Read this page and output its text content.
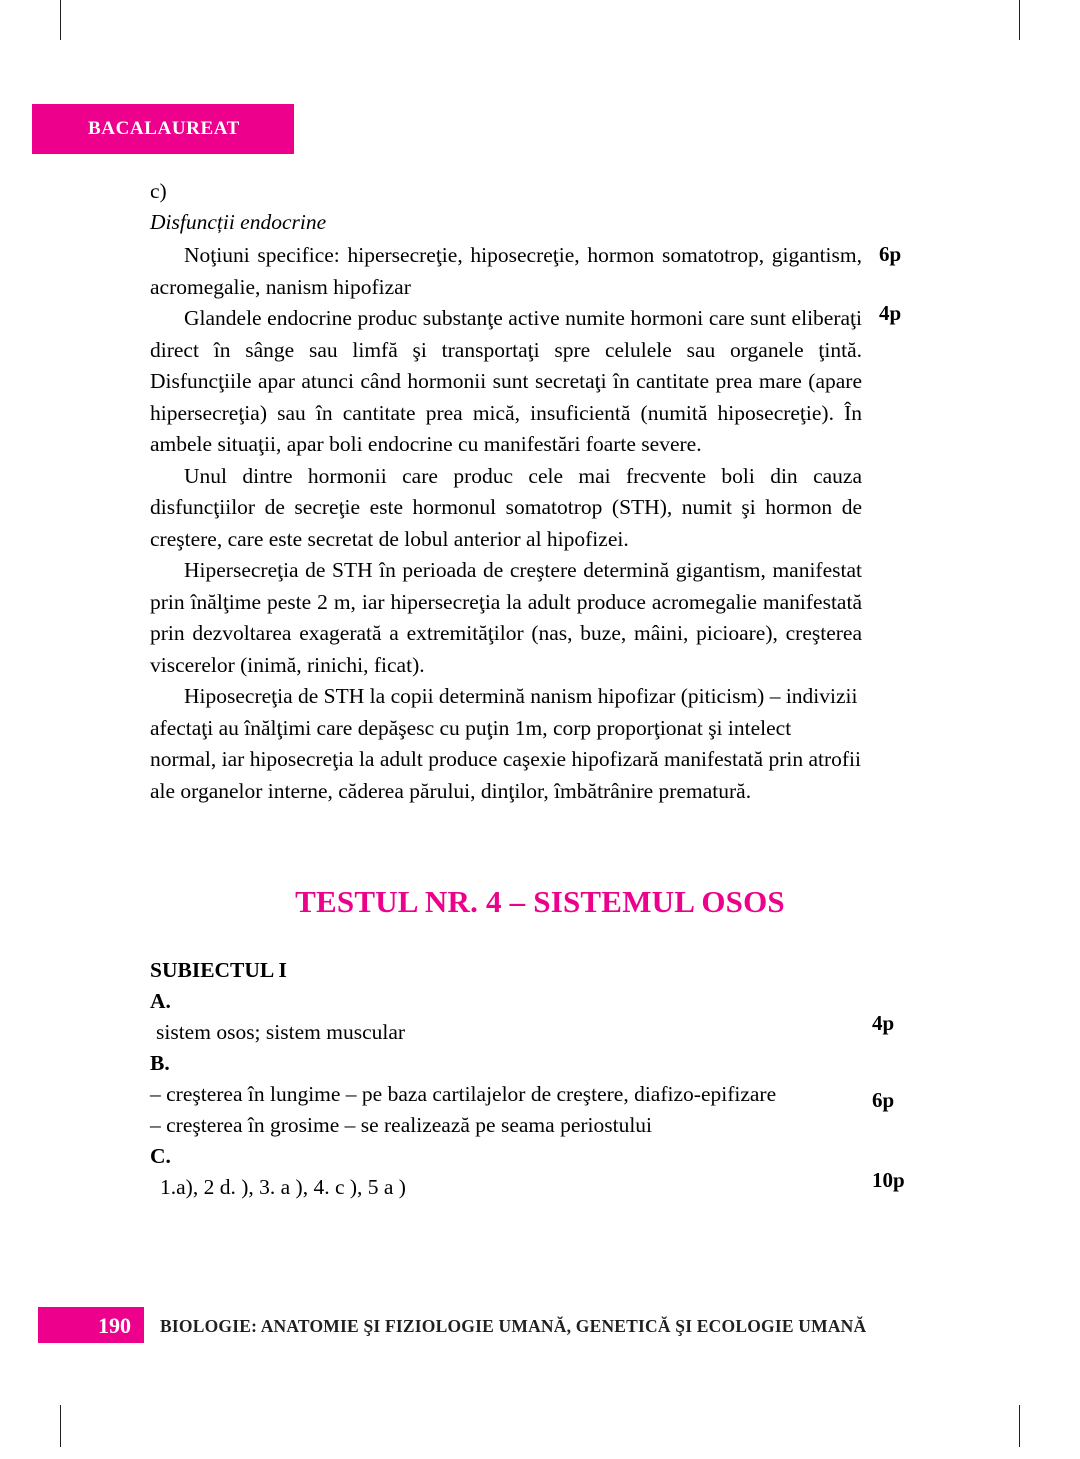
BACALAUREAT
c)
Disfuncții endocrine

Noţiuni specifice: hipersecreţie, hiposecreţie, hormon somatotrop, gigantism, acromegalie, nanism hipofizar

Glandele endocrine produc substanţe active numite hormoni care sunt eliberaţi direct în sânge sau limfă şi transportaţi spre celulele sau organele ţintă. Disfuncţiile apar atunci când hormonii sunt secretaţi în cantitate prea mare (apare hipersecreţia) sau în cantitate prea mică, insuficientă (numită hiposecreţie). În ambele situaţii, apar boli endocrine cu manifestări foarte severe.

Unul dintre hormonii care produc cele mai frecvente boli din cauza disfuncţiilor de secreţie este hormonul somatotrop (STH), numit şi hormon de creştere, care este secretat de lobul anterior al hipofizei.

Hipersecreţia de STH în perioada de creştere determină gigantism, manifestat prin înălţime peste 2 m, iar hipersecreţia la adult produce acromegalie manifestată prin dezvoltarea exagerată a extremităţilor (nas, buze, mâini, picioare), creşterea viscerelor (inimă, rinichi, ficat).

Hiposecreţia de STH la copii determină nanism hipofizar (piticism) – indivizii afectaţi au înălţimi care depăşesc cu puţin 1m, corp proporţionat şi intelect normal, iar hiposecreţia la adult produce caşexie hipofizară manifestată prin atrofii ale organelor interne, căderea părului, dinţilor, îmbătrânire prematură.

6p
4p
TESTUL NR. 4 – SISTEMUL OSOS

SUBIECTUL I

A.

sistem osos; sistem muscular

B.

– creşterea în lungime – pe baza cartilajelor de creştere, diafizo-epifizare

– creşterea în grosime – se realizează pe seama periostului

C.

1.a), 2 d. ), 3. a ), 4. c ), 5 a )

4p
6p
10p
190 BIOLOGIE: ANATOMIE ŞI FIZIOLOGIE UMANĂ, GENETICĂ ŞI ECOLOGIE UMANĂ
